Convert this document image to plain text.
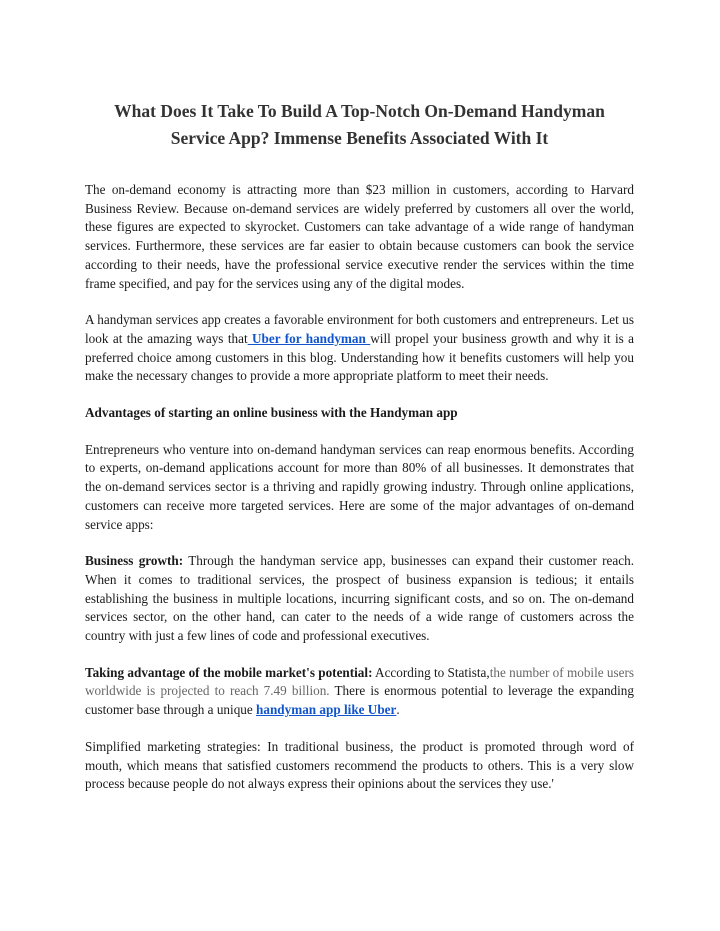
What Does It Take To Build A Top-Notch On-Demand Handyman
Service App? Immense Benefits Associated With It

The on-demand economy is attracting more than $23 million in customers, according to Harvard Business Review. Because on-demand services are widely preferred by customers all over the world, these figures are expected to skyrocket. Customers can take advantage of a wide range of handyman services. Furthermore, these services are far easier to obtain because customers can book the service according to their needs, have the professional service executive render the services within the time frame specified, and pay for the services using any of the digital modes.

A handyman services app creates a favorable environment for both customers and entrepreneurs. Let us look at the amazing ways that Uber for handyman will propel your business growth and why it is a preferred choice among customers in this blog. Understanding how it benefits customers will help you make the necessary changes to provide a more appropriate platform to meet their needs.

Advantages of starting an online business with the Handyman app

Entrepreneurs who venture into on-demand handyman services can reap enormous benefits. According to experts, on-demand applications account for more than 80% of all businesses. It demonstrates that the on-demand services sector is a thriving and rapidly growing industry. Through online applications, customers can receive more targeted services. Here are some of the major advantages of on-demand service apps:

Business growth: Through the handyman service app, businesses can expand their customer reach. When it comes to traditional services, the prospect of business expansion is tedious; it entails establishing the business in multiple locations, incurring significant costs, and so on. The on-demand services sector, on the other hand, can cater to the needs of a wide range of customers across the country with just a few lines of code and professional executives.

Taking advantage of the mobile market's potential: According to Statista,the number of mobile users worldwide is projected to reach 7.49 billion. There is enormous potential to leverage the expanding customer base through a unique handyman app like Uber.

Simplified marketing strategies: In traditional business, the product is promoted through word of mouth, which means that satisfied customers recommend the products to others. This is a very slow process because people do not always express their opinions about the services they use.'
